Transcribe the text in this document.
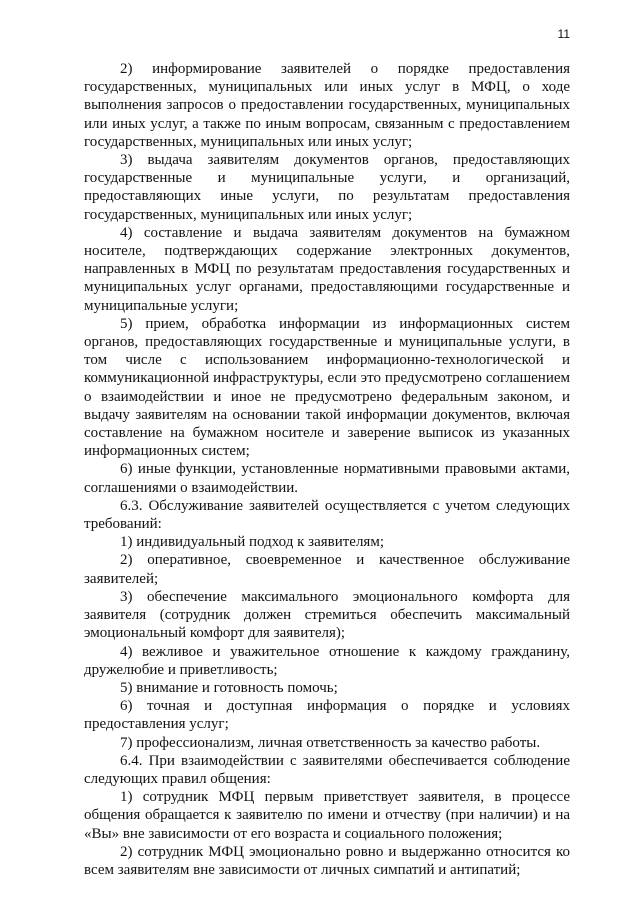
11

2) информирование заявителей о порядке предоставления государственных, муниципальных или иных услуг в МФЦ, о ходе выполнения запросов о предоставлении государственных, муниципальных или иных услуг, а также по иным вопросам, связанным с предоставлением государственных, муниципальных или иных услуг;

3) выдача заявителям документов органов, предоставляющих государственные и муниципальные услуги, и организаций, предоставляющих иные услуги, по результатам предоставления государственных, муниципальных или иных услуг;

4) составление и выдача заявителям документов на бумажном носителе, подтверждающих содержание электронных документов, направленных в МФЦ по результатам предоставления государственных и муниципальных услуг органами, предоставляющими государственные и муниципальные услуги;

5) прием, обработка информации из информационных систем органов, предоставляющих государственные и муниципальные услуги, в том числе с использованием информационно-технологической и коммуникационной инфраструктуры, если это предусмотрено соглашением о взаимодействии и иное не предусмотрено федеральным законом, и выдачу заявителям на основании такой информации документов, включая составление на бумажном носителе и заверение выписок из указанных информационных систем;

6) иные функции, установленные нормативными правовыми актами, соглашениями о взаимодействии.

6.3. Обслуживание заявителей осуществляется с учетом следующих требований:

1) индивидуальный подход к заявителям;

2) оперативное, своевременное и качественное обслуживание заявителей;

3) обеспечение максимального эмоционального комфорта для заявителя (сотрудник должен стремиться обеспечить максимальный эмоциональный комфорт для заявителя);

4) вежливое и уважительное отношение к каждому гражданину, дружелюбие и приветливость;

5) внимание и готовность помочь;

6) точная и доступная информация о порядке и условиях предоставления услуг;

7) профессионализм, личная ответственность за качество работы.

6.4. При взаимодействии с заявителями обеспечивается соблюдение следующих правил общения:

1) сотрудник МФЦ первым приветствует заявителя, в процессе общения обращается к заявителю по имени и отчеству (при наличии) и на «Вы» вне зависимости от его возраста и социального положения;

2) сотрудник МФЦ эмоционально ровно и выдержанно относится ко всем заявителям вне зависимости от личных симпатий и антипатий;
